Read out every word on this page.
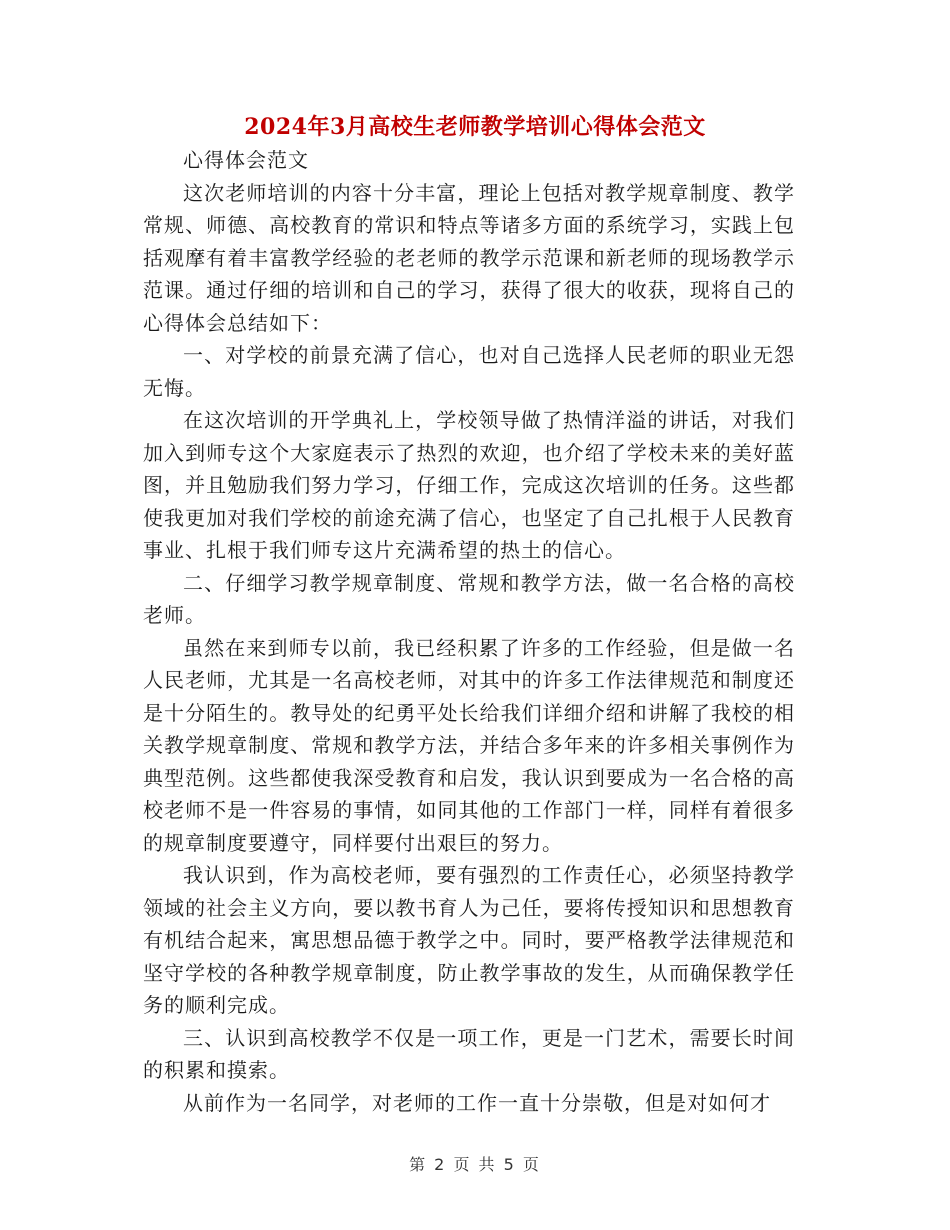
2024年3月高校生老师教学培训心得体会范文

心得体会范文

这次老师培训的内容十分丰富，理论上包括对教学规章制度、教学常规、师德、高校教育的常识和特点等诸多方面的系统学习，实践上包括观摩有着丰富教学经验的老老师的教学示范课和新老师的现场教学示范课。通过仔细的培训和自己的学习，获得了很大的收获，现将自己的心得体会总结如下：

一、对学校的前景充满了信心，也对自己选择人民老师的职业无怨无悔。

在这次培训的开学典礼上，学校领导做了热情洋溢的讲话，对我们加入到师专这个大家庭表示了热烈的欢迎，也介绍了学校未来的美好蓝图，并且勉励我们努力学习，仔细工作，完成这次培训的任务。这些都使我更加对我们学校的前途充满了信心，也坚定了自己扎根于人民教育事业、扎根于我们师专这片充满希望的热土的信心。

二、仔细学习教学规章制度、常规和教学方法，做一名合格的高校老师。

虽然在来到师专以前，我已经积累了许多的工作经验，但是做一名人民老师，尤其是一名高校老师，对其中的许多工作法律规范和制度还是十分陌生的。教导处的纪勇平处长给我们详细介绍和讲解了我校的相关教学规章制度、常规和教学方法，并结合多年来的许多相关事例作为典型范例。这些都使我深受教育和启发，我认识到要成为一名合格的高校老师不是一件容易的事情，如同其他的工作部门一样，同样有着很多的规章制度要遵守，同样要付出艰巨的努力。

我认识到，作为高校老师，要有强烈的工作责任心，必须坚持教学领域的社会主义方向，要以教书育人为己任，要将传授知识和思想教育有机结合起来，寓思想品德于教学之中。同时，要严格教学法律规范和坚守学校的各种教学规章制度，防止教学事故的发生，从而确保教学任务的顺利完成。

三、认识到高校教学不仅是一项工作，更是一门艺术，需要长时间的积累和摸索。

从前作为一名同学，对老师的工作一直十分崇敬，但是对如何才

第 2 页 共 5 页
